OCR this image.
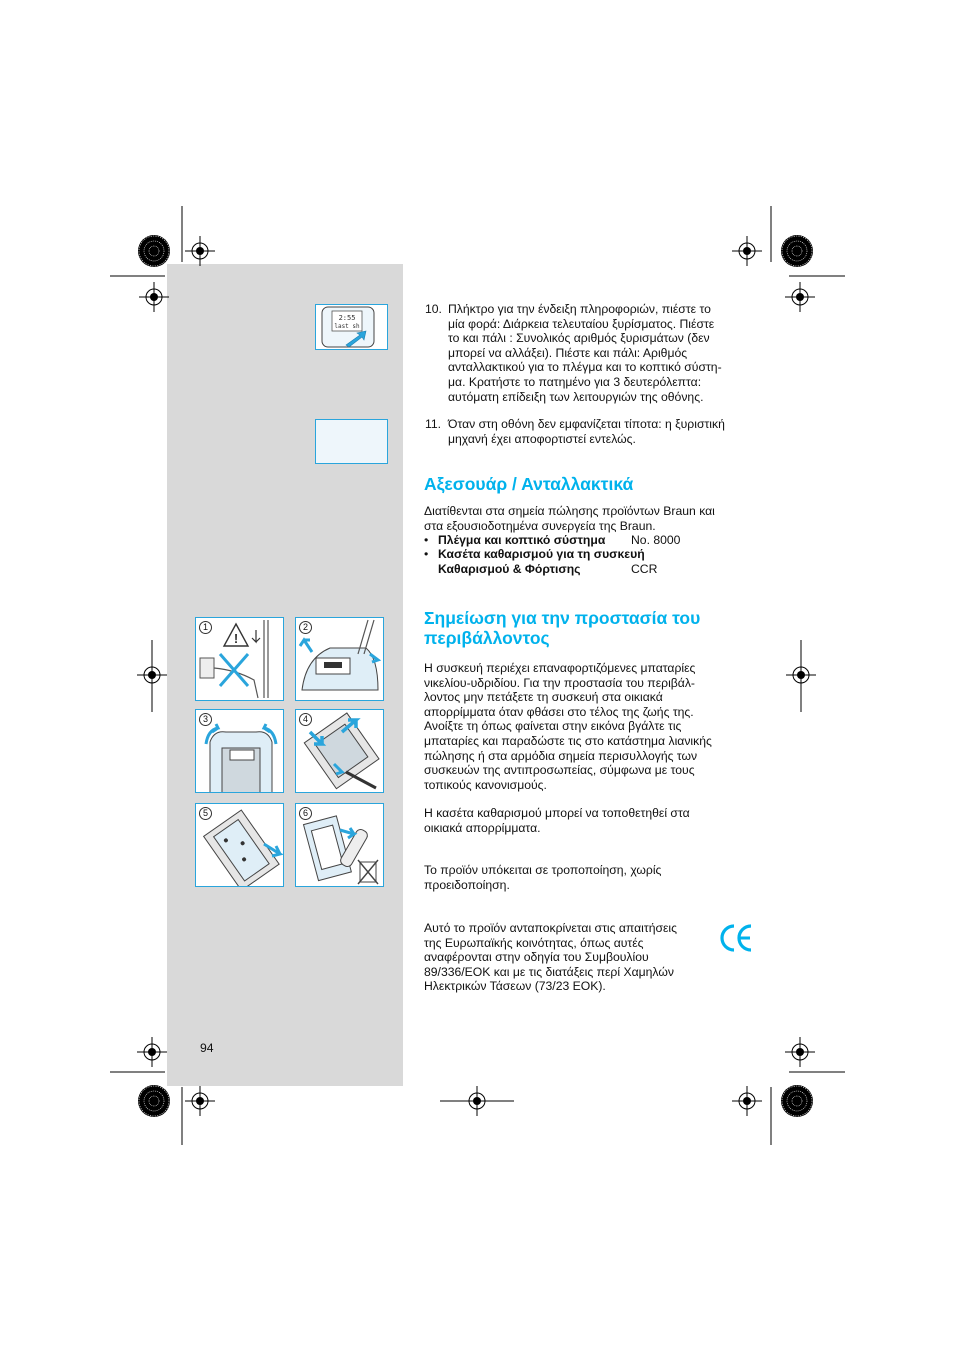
2:55
last sh
10. Πλήκτρο για την ένδειξη πληροφοριών, πιέστε το
μία φορά: Διάρκεια τελευταίου ξυρίσματος. Πιέστε
το και πάλι : Συνολικός αριθμός ξυρισμάτων (δεν
μπορεί να αλλάξει). Πιέστε και πάλι: Αριθμός
ανταλλακτικού για το πλέγμα και το κοπτικό σύστη-
μα. Κρατήστε το πατημένο για 3 δευτερόλεπτα:
αυτόματη επίδειξη των λειτουργιών της οθόνης.
11. Όταν στη οθόνη δεν εμφανίζεται τίποτα: η ξυριστική
μηχανή έχει αποφορτιστεί εντελώς.
Αξεσουάρ / Ανταλλακτικά
Διατίθενται στα σημεία πώλησης προϊόντων Braun και
στα εξουσιοδοτημένα συνεργεία της Braun.
• Πλέγμα και κοπτικό σύστημα No. 8000
• Κασέτα καθαρισμού για τη συσκευή
Καθαρισμού & Φόρτισης	CCR
Σημείωση για την προστασία του
περιβάλλοντος
Η συσκευή περιέχει επαναφορτιζόμενες μπαταρίες
νικελίου-υδριδίου. Για την προστασία του περιβάλ-
λοντος μην πετάξετε τη συσκευή στα οικιακά
απορρίμματα όταν φθάσει στο τέλος της ζωής της.
Ανοίξτε τη όπως φαίνεται στην εικόνα βγάλτε τις
μπαταρίες και παραδώστε τις στο κατάστημα λιανικής
πώλησης ή στα αρμόδια σημεία περισυλλογής των
συσκευών της αντιπροσωπείας, σύμφωνα με τους
τοπικούς κανονισμούς.
Η κασέτα καθαρισμού μπορεί να τοποθετηθεί στα
οικιακά απορρίμματα.
Το προϊόν υπόκειται σε τροποποίηση, χωρίς
προειδοποίηση.
Αυτό το προϊόν ανταποκρίνεται στις απαιτήσεις
της Ευρωπαϊκής κοινότητας, όπως αυτές
αναφέρονται στην οδηγία του Συμβουλίου
89/336/ΕΟΚ και με τις διατάξεις περί Χαμηλών
Ηλεκτρικών Τάσεων (73/23 ΕΟΚ).
!
1	2
3	4
5	6
94
